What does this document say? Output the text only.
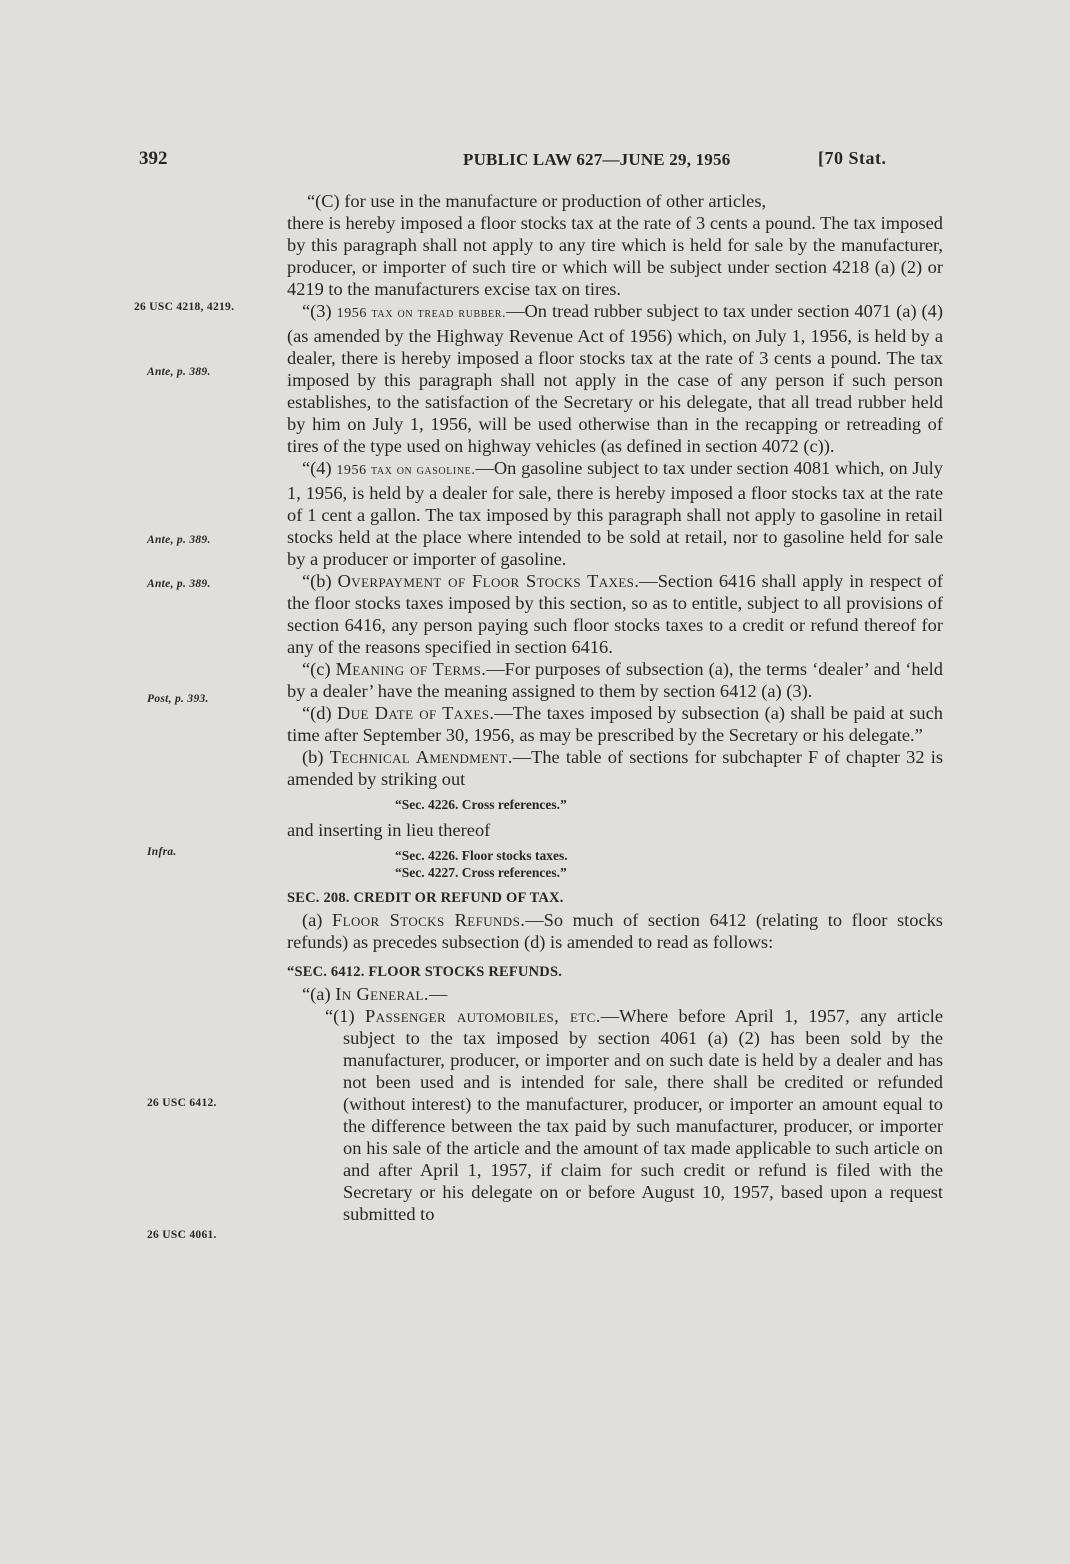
392	PUBLIC LAW 627—JUNE 29, 1956	[70 Stat.
26 USC 4218, 4219.
Ante, p. 389.
Ante, p. 389.
Ante, p. 389.
Post, p. 393.
Infra.
26 USC 6412.
26 USC 4061.

“(C) for use in the manufacture or production of other articles,

there is hereby imposed a floor stocks tax at the rate of 3 cents a pound. The tax imposed by this paragraph shall not apply to any tire which is held for sale by the manufacturer, producer, or importer of such tire or which will be subject under section 4218 (a) (2) or 4219 to the manufacturers excise tax on tires.

“(3) 1956 tax on tread rubber.—On tread rubber subject to tax under section 4071 (a) (4) (as amended by the Highway Revenue Act of 1956) which, on July 1, 1956, is held by a dealer, there is hereby imposed a floor stocks tax at the rate of 3 cents a pound. The tax imposed by this paragraph shall not apply in the case of any person if such person establishes, to the satisfaction of the Secretary or his delegate, that all tread rubber held by him on July 1, 1956, will be used otherwise than in the recapping or retreading of tires of the type used on highway vehicles (as defined in section 4072 (c)).

“(4) 1956 tax on gasoline.—On gasoline subject to tax under section 4081 which, on July 1, 1956, is held by a dealer for sale, there is hereby imposed a floor stocks tax at the rate of 1 cent a gallon. The tax imposed by this paragraph shall not apply to gasoline in retail stocks held at the place where intended to be sold at retail, nor to gasoline held for sale by a producer or importer of gasoline.

“(b) Overpayment of Floor Stocks Taxes.—Section 6416 shall apply in respect of the floor stocks taxes imposed by this section, so as to entitle, subject to all provisions of section 6416, any person paying such floor stocks taxes to a credit or refund thereof for any of the reasons specified in section 6416.

“(c) Meaning of Terms.—For purposes of subsection (a), the terms ‘dealer’ and ‘held by a dealer’ have the meaning assigned to them by section 6412 (a) (3).

“(d) Due Date of Taxes.—The taxes imposed by subsection (a) shall be paid at such time after September 30, 1956, as may be prescribed by the Secretary or his delegate.”

(b) Technical Amendment.—The table of sections for subchapter F of chapter 32 is amended by striking out

“Sec. 4226. Cross references.”

and inserting in lieu thereof

“Sec. 4226. Floor stocks taxes.
“Sec. 4227. Cross references.”
SEC. 208. CREDIT OR REFUND OF TAX.

(a) Floor Stocks Refunds.—So much of section 6412 (relating to floor stocks refunds) as precedes subsection (d) is amended to read as follows:

“SEC. 6412. FLOOR STOCKS REFUNDS.

“(a) In General.—

“(1) Passenger automobiles, etc.—Where before April 1, 1957, any article subject to the tax imposed by section 4061 (a) (2) has been sold by the manufacturer, producer, or importer and on such date is held by a dealer and has not been used and is intended for sale, there shall be credited or refunded (without interest) to the manufacturer, producer, or importer an amount equal to the difference between the tax paid by such manufacturer, producer, or importer on his sale of the article and the amount of tax made applicable to such article on and after April 1, 1957, if claim for such credit or refund is filed with the Secretary or his delegate on or before August 10, 1957, based upon a request submitted to
